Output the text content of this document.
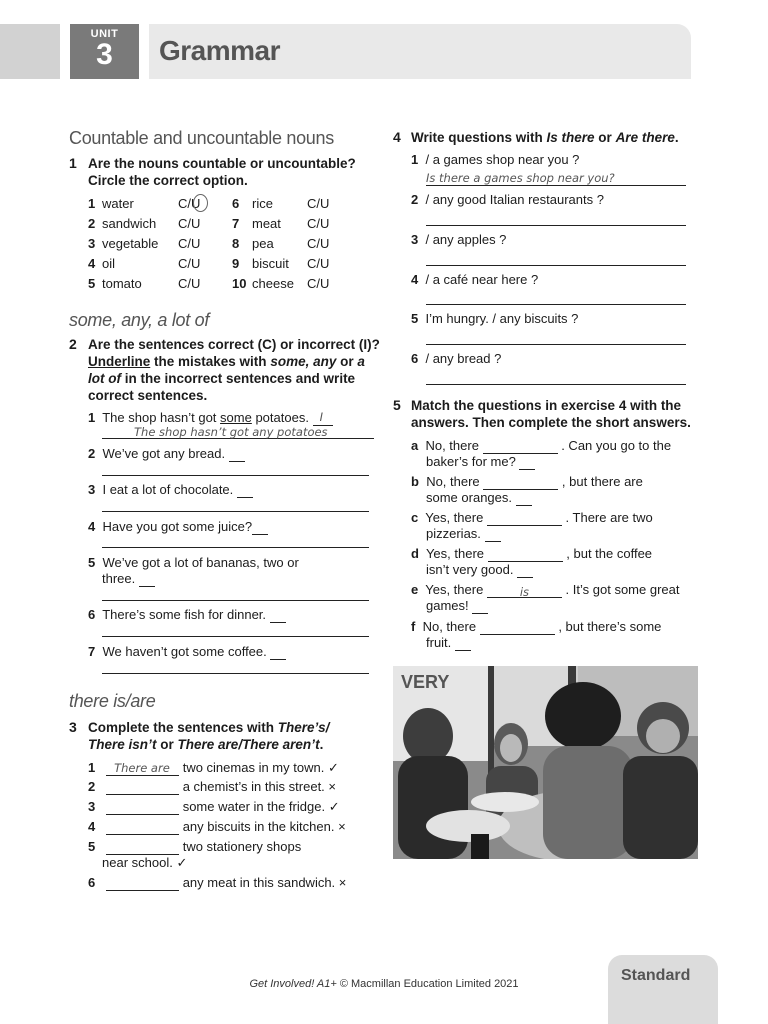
UNIT
3	Grammar
Countable and uncountable nouns
1 Are the nouns countable or uncountable?
Circle the correct option.
1	water	C/U	6	rice	C/U
2	sandwich	C/U	7	meat	C/U
3	vegetable	C/U	8	pea	C/U
4	oil	C/U	9	biscuit	C/U
5	tomato	C/U	10	cheese	C/U
some, any, a lot of
2 Are the sentences correct (C) or incorrect (I)?
Underline the mistakes with some, any or a
lot of in the incorrect sentences and write
correct sentences.
1 The shop hasn’t got some potatoes. I
The shop hasn’t got any potatoes
2 We’ve got any bread.
3 I eat a lot of chocolate.
4 Have you got some juice?
5 We’ve got a lot of bananas, two or
three.
6 There’s some fish for dinner.
7 We haven’t got some coffee.
there is/are
3 Complete the sentences with There’s/
There isn’t or There are/There aren’t.
1 There are two cinemas in my town. ✓
2	a chemist’s in this street. ×
3	some water in the fridge. ✓
4	any biscuits in the kitchen. ×
5	two stationery shops
near school. ✓
6	any meat in this sandwich. ×
4 Write questions with Is there or Are there.
1 / a games shop near you ?
Is there a games shop near you?
2 / any good Italian restaurants ?
3 / any apples ?
4 / a café near here ?
5 I’m hungry. / any biscuits ?
6 / any bread ?
5 Match the questions in exercise 4 with the
answers. Then complete the short answers.
a No, there	. Can you go to the
baker’s for me?
b No, there	, but there are
some oranges.
c Yes, there	. There are two
pizzerias.
d Yes, there	, but the coffee
isn’t very good.
e Yes, there	is	. It’s got some great
games!
f No, there	, but there’s some
fruit.
VERY
Get Involved! A1+ © Macmillan Education Limited 2021	Standard
